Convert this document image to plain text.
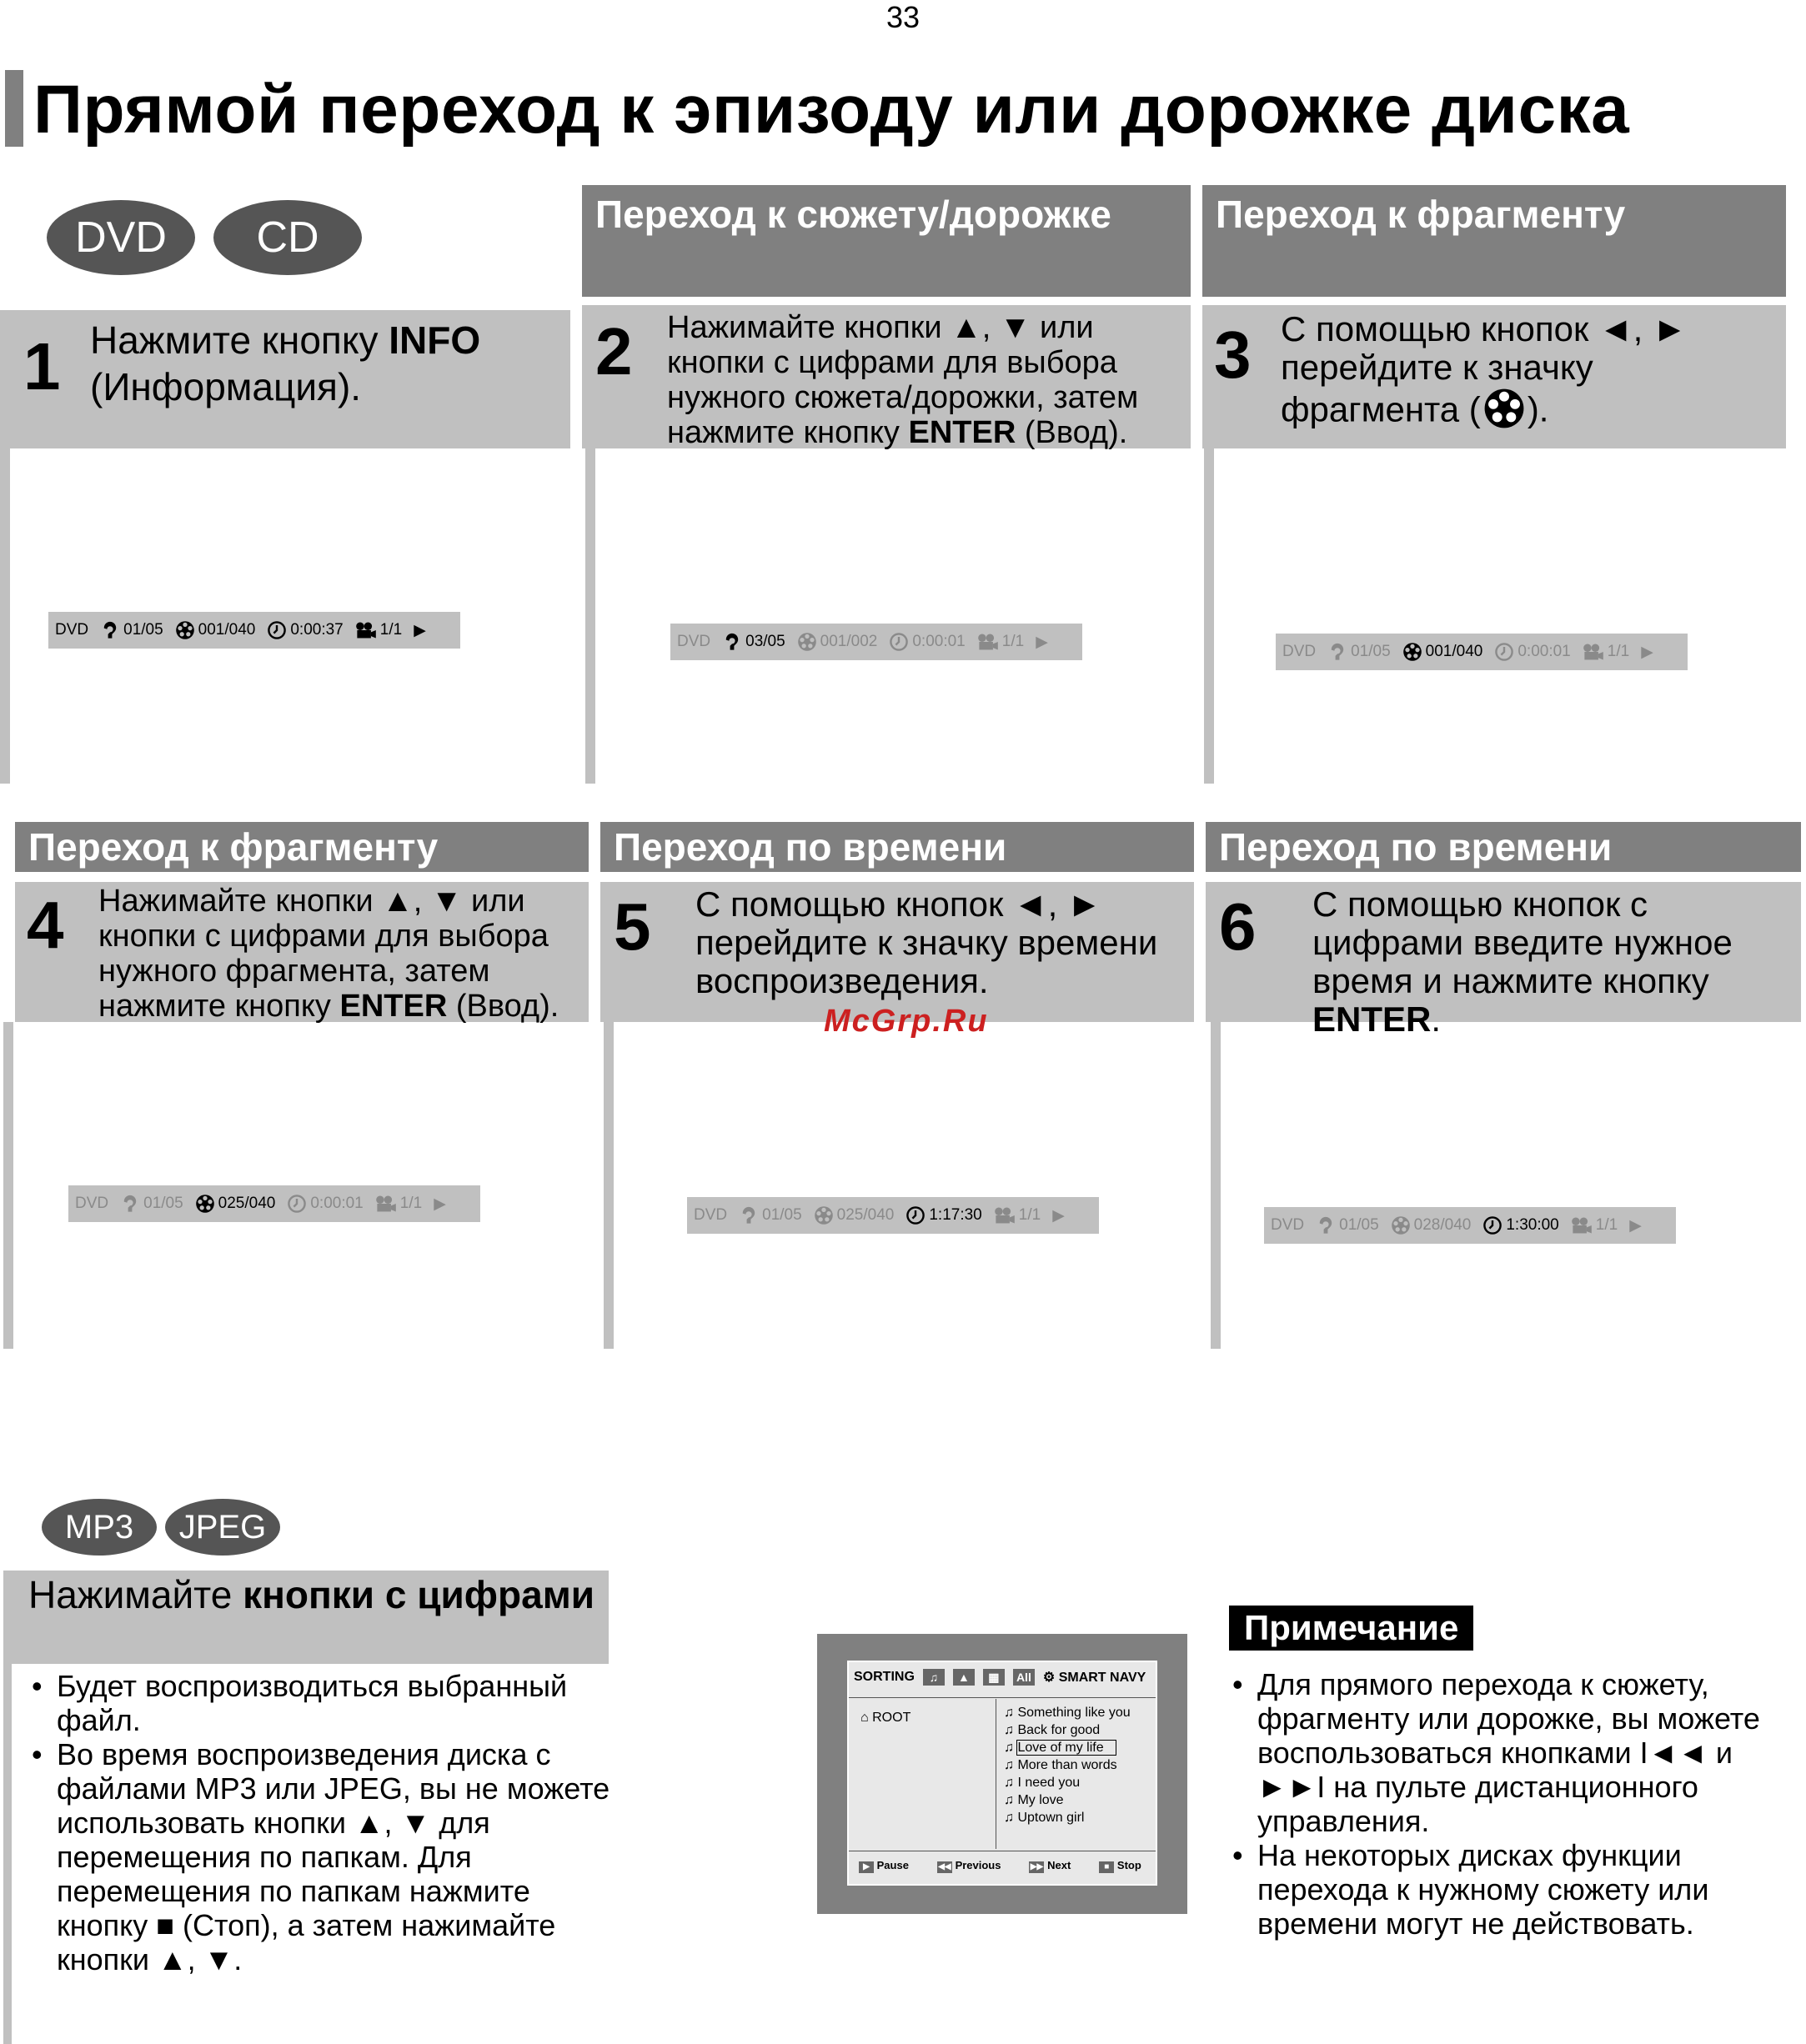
33
Прямой переход к эпизоду или дорожке диска
DVD CD	Переход к сюжету/дорожке	Переход к фрагменту
1 Нажмите кнопку INFO (Информация).	2 Нажимайте кнопки ▲, ▼ или кнопки с цифрами для выбора нужного сюжета/дорожки, затем нажмите кнопку ENTER (Ввод).
3 С помощью кнопок ◄, ► перейдите к значку фрагмента ( ).
DVD 01/05 001/040 0:00:37 1/1 ▶
DVD 03/05 001/002 0:00:01 1/1 ▶
DVD 01/05 001/040 0:00:01 1/1 ▶
Переход к фрагменту	Переход по времени	Переход по времени
4 Нажимайте кнопки ▲, ▼ или кнопки с цифрами для выбора нужного фрагмента, затем нажмите кнопку ENTER (Ввод).
5 С помощью кнопок ◄, ► перейдите к значку времени воспроизведения.
6 С помощью кнопок с цифрами введите нужное время и нажмите кнопку ENTER.
McGrp.Ru
DVD 01/05 025/040 0:00:01 1/1 ▶
DVD 01/05 025/040 1:17:30 1/1 ▶
DVD 01/05 028/040 1:30:00 1/1 ▶
MP3 JPEG
Нажимайте кнопки с цифрами
• Будет воспроизводиться выбранный файл.
• Во время воспроизведения диска с файлами MP3 или JPEG, вы не можете использовать кнопки ▲, ▼ для перемещения по папкам. Для перемещения по папкам нажмите кнопку ■ (Стоп), а затем нажимайте кнопки ▲, ▼.
SORTING	♫	▲	▦	All ⚙ SMART NAVY
⌂ ROOT	♫ Something like you
♫ Back for good
♫ Love of my life
♫ More than words
♫ I need you
♫ My love
♫ Uptown girl
▶ Pause	◀◀ Previous	▶▶ Next	■ Stop
Примечание
• Для прямого перехода к сюжету, фрагменту или дорожке, вы можете воспользоваться кнопками I◄◄ и ►►I на пульте дистанционного управления.
• На некоторых дисках функции перехода к нужному сюжету или времени могут не действовать.
